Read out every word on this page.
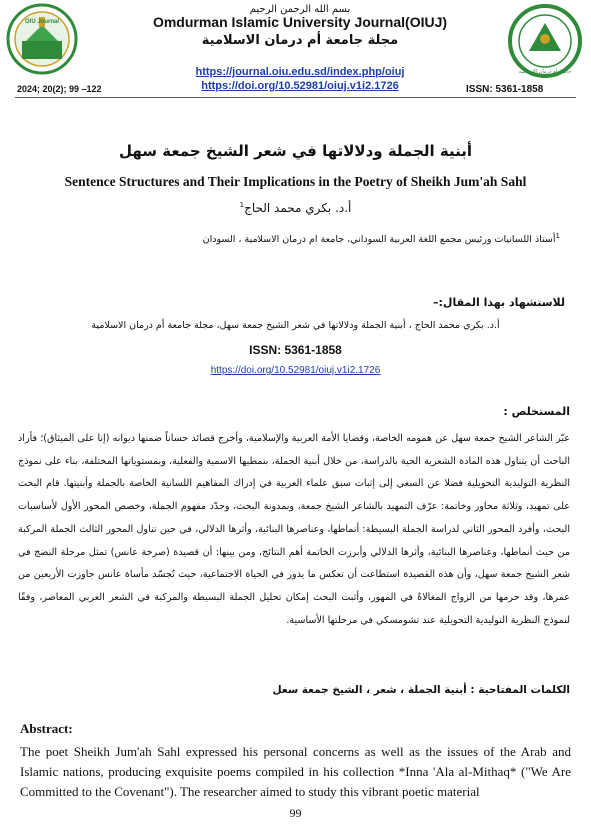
OIU Journal
بسم الله الرحمن الرحيم
Omdurman Islamic University Journal(OIUJ)
مجلة جامعة أم درمان الاسلامية
https://journal.oiu.edu.sd/index.php/oiuj
https://doi.org/10.52981/oiuj.v1i2.1726
جامعة أم درمان الإسلامية
2024; 20(2); 99 –122	ISSN: 5361-1858
أبنية الجملة ودلالاتها في شعر الشيخ جمعة سهل
Sentence Structures and Their Implications in the Poetry of Sheikh Jum'ah Sahl
أ.د. بكري محمد الحاج$^1$
$^1$أستاذ اللسانيات ورئيس مجمع اللغة العربية السوداني، جامعة ام درمان الاسلامية ، السودان
للاستشهاد بهذا المقال:–
أ.د. بكري محمد الحاج ، أبنية الجملة ودلالاتها في شعر الشيخ جمعة سهل، مجلة جامعة أم درمان الاسلامية
ISSN: 5361-1858
https://doi.org/10.52981/oiuj.v1i2.1726
المستخلص :
عبّر الشاعر الشيخ جمعة سهل عن همومه الخاصة، وقضايا الأمة العربية والإسلامية، وأخرج قصائد حساناً ضمنها ديوانه (إنا على الميثاق)؛ فأراد الباحث أن يتناول هذه المادة الشعرية الحية بالدراسة، من خلال أبنية الجملة، بنمطيها الاسمية والفعلية، وبمستوياتها المختلفة، بناء على نموذج النظرية التوليدية التحويلية فضلا عن السعي إلى إثبات سبق علماء العربية في إدراك المفاهيم اللسانية الخاصة بالجملة وأبنيتها. قام البحث على تمهيد، وثلاثة محاور وخاتمة: عرّف التمهيد بالشاعر الشيخ جمعة، وبمدونة البحث، وحدّد مفهوم الجملة، وخصص المحور الأول لأساسيات البحث، وأفرد المحور الثاني لدراسة الجملة البسيطة: أنماطها، وعناصرها البنائية، وأثرها الدلالي، في حين تناول المحور الثالث الجملة المركبة من حيث أنماطها، وعناصرها البنائية، وأثرها الدلالي وأبرزت الخاتمة أهم النتائج، ومن بينها: أن قصيدة (صرخة عانس) تمثل مرحلة النضج في شعر الشيخ جمعة سهل، وأن هذه القصيدة استطاعت أن تعكس ما يدور في الحياة الاجتماعية، حيث تُجسّد مأساة عانس جاوزت الأربعين من عمرها، وقد حرمها من الزواج المغالاةُ في المهور، وأثبت البحث إمكان تحليل الجملة البسيطة والمركبة في الشعر العربي المعاصر، وفقًا لنموذج النظرية التوليدية التحويلية عند تشومسكي في مرحلتها الأساسية.
الكلمات المفتاحية : أبنية الجملة ، شعر ، الشيخ جمعة سعل
Abstract:
The poet Sheikh Jum'ah Sahl expressed his personal concerns as well as the issues of the Arab and Islamic nations, producing exquisite poems compiled in his collection *Inna 'Ala al-Mithaq* ("We Are Committed to the Covenant"). The researcher aimed to study this vibrant poetic material
99
